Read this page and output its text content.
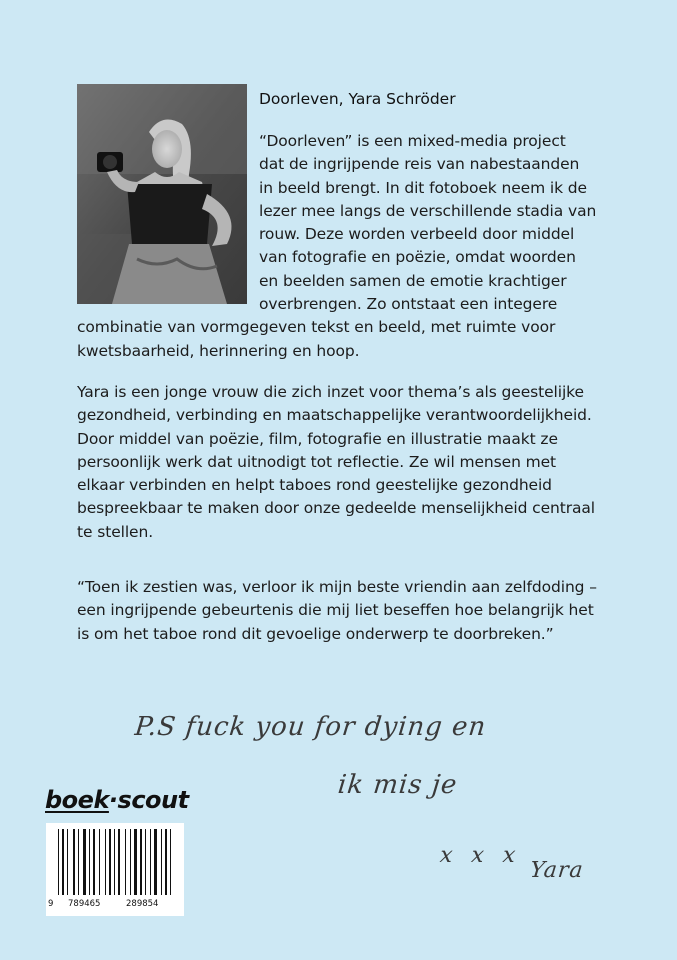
Doorleven, Yara Schröder

“Doorleven” is een mixed-media project
dat de ingrijpende reis van nabestaanden
in beeld brengt. In dit fotoboek neem ik de
lezer mee langs de verschillende stadia van
rouw. Deze worden verbeeld door middel
van fotografie en poëzie, omdat woorden
en beelden samen de emotie krachtiger
overbrengen. Zo ontstaat een integere
combinatie van vormgegeven tekst en beeld, met ruimte voor
kwetsbaarheid, herinnering en hoop.

Yara is een jonge vrouw die zich inzet voor thema’s als geestelijke
gezondheid, verbinding en maatschappelijke verantwoordelijkheid.
Door middel van poëzie, film, fotografie en illustratie maakt ze
persoonlijk werk dat uitnodigt tot reflectie. Ze wil mensen met
elkaar verbinden en helpt taboes rond geestelijke gezondheid
bespreekbaar te maken door onze gedeelde menselijkheid centraal
te stellen.

“Toen ik zestien was, verloor ik mijn beste vriendin aan zelfdoding –
een ingrijpende gebeurtenis die mij liet beseffen hoe belangrijk het
is om het taboe rond dit gevoelige onderwerp te doorbreken.”

P.S fuck you for dying en
ik mis je
x x x
Yara
boek·scout
9 789465	289854
